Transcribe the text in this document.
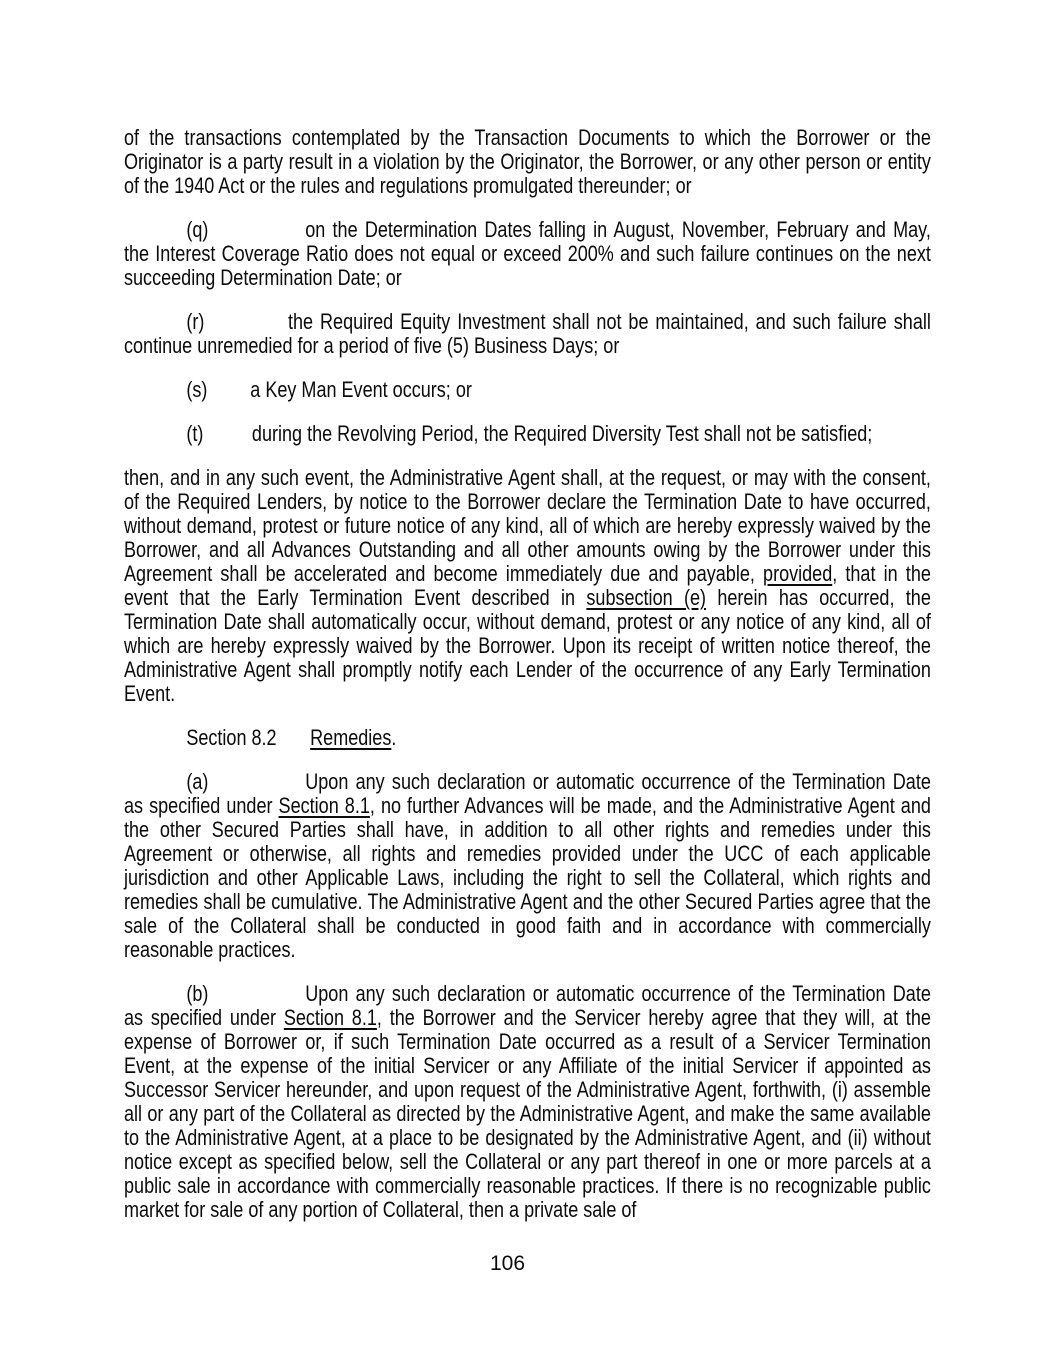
of the transactions contemplated by the Transaction Documents to which the Borrower or the Originator is a party result in a violation by the Originator, the Borrower, or any other person or entity of the 1940 Act or the rules and regulations promulgated thereunder; or

(q)	on the Determination Dates falling in August, November, February and May, the Interest Coverage Ratio does not equal or exceed 200% and such failure continues on the next succeeding Determination Date; or

(r)	the Required Equity Investment shall not be maintained, and such failure shall continue unremedied for a period of five (5) Business Days; or

(s) a Key Man Event occurs; or

(t) during the Revolving Period, the Required Diversity Test shall not be satisfied;

then, and in any such event, the Administrative Agent shall, at the request, or may with the consent, of the Required Lenders, by notice to the Borrower declare the Termination Date to have occurred, without demand, protest or future notice of any kind, all of which are hereby expressly waived by the Borrower, and all Advances Outstanding and all other amounts owing by the Borrower under this Agreement shall be accelerated and become immediately due and payable, provided, that in the event that the Early Termination Event described in subsection (e) herein has occurred, the Termination Date shall automatically occur, without demand, protest or any notice of any kind, all of which are hereby expressly waived by the Borrower. Upon its receipt of written notice thereof, the Administrative Agent shall promptly notify each Lender of the occurrence of any Early Termination Event.

Section 8.2 Remedies.

(a)	Upon any such declaration or automatic occurrence of the Termination Date as specified under Section 8.1, no further Advances will be made, and the Administrative Agent and the other Secured Parties shall have, in addition to all other rights and remedies under this Agreement or otherwise, all rights and remedies provided under the UCC of each applicable jurisdiction and other Applicable Laws, including the right to sell the Collateral, which rights and remedies shall be cumulative. The Administrative Agent and the other Secured Parties agree that the sale of the Collateral shall be conducted in good faith and in accordance with commercially reasonable practices.

(b)	Upon any such declaration or automatic occurrence of the Termination Date as specified under Section 8.1, the Borrower and the Servicer hereby agree that they will, at the expense of Borrower or, if such Termination Date occurred as a result of a Servicer Termination Event, at the expense of the initial Servicer or any Affiliate of the initial Servicer if appointed as Successor Servicer hereunder, and upon request of the Administrative Agent, forthwith, (i) assemble all or any part of the Collateral as directed by the Administrative Agent, and make the same available to the Administrative Agent, at a place to be designated by the Administrative Agent, and (ii) without notice except as specified below, sell the Collateral or any part thereof in one or more parcels at a public sale in accordance with commercially reasonable practices. If there is no recognizable public market for sale of any portion of Collateral, then a private sale of

106
